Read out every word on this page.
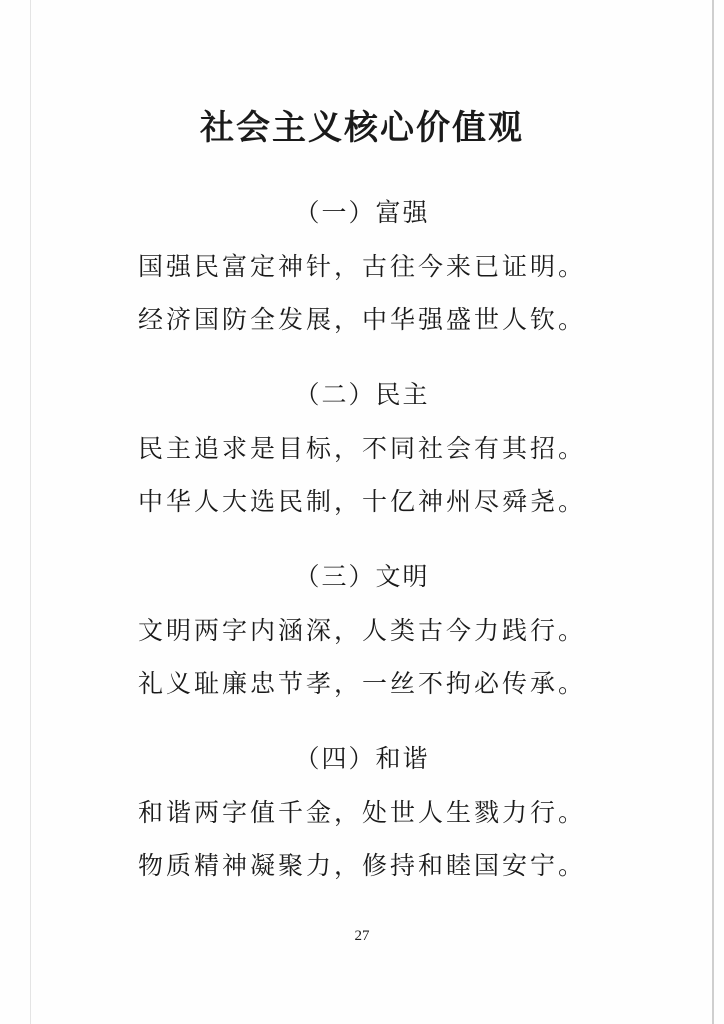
社会主义核心价值观
（一）富强
国强民富定神针，古往今来已证明。
经济国防全发展，中华强盛世人钦。
（二）民主
民主追求是目标，不同社会有其招。
中华人大选民制，十亿神州尽舜尧。
（三）文明
文明两字内涵深，人类古今力践行。
礼义耻廉忠节孝，一丝不拘必传承。
（四）和谐
和谐两字值千金，处世人生戮力行。
物质精神凝聚力，修持和睦国安宁。
27
